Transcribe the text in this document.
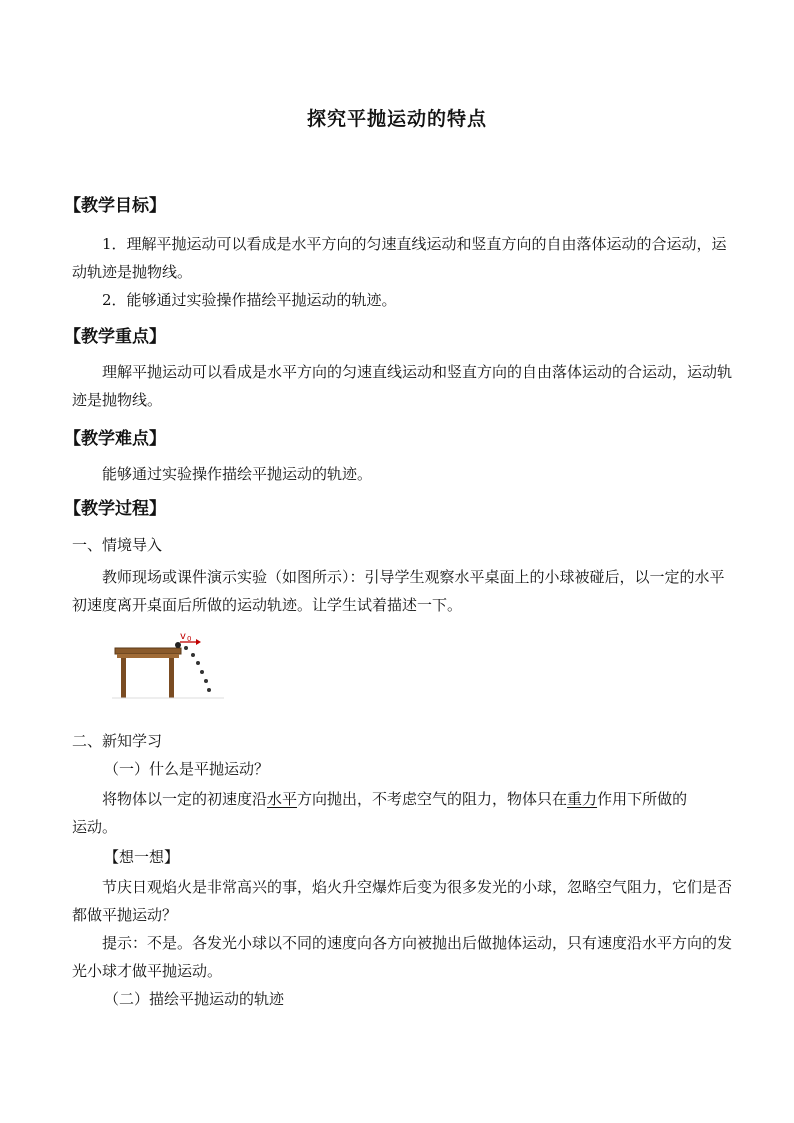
探究平抛运动的特点
【教学目标】

1．理解平抛运动可以看成是水平方向的匀速直线运动和竖直方向的自由落体运动的合运动，运动轨迹是抛物线。

2．能够通过实验操作描绘平抛运动的轨迹。

【教学重点】

理解平抛运动可以看成是水平方向的匀速直线运动和竖直方向的自由落体运动的合运动，运动轨迹是抛物线。

【教学难点】

能够通过实验操作描绘平抛运动的轨迹。

【教学过程】
一、情境导入

教师现场或课件演示实验（如图所示）：引导学生观察水平桌面上的小球被碰后，以一定的水平初速度离开桌面后所做的运动轨迹。让学生试着描述一下。

v 0
二、新知学习
（一）什么是平抛运动？
将物体以一定的初速度沿水平方向抛出，不考虑空气的阻力，物体只在重力作用下所做的
运动。
【想一想】

节庆日观焰火是非常高兴的事，焰火升空爆炸后变为很多发光的小球，忽略空气阻力，它们是否都做平抛运动？

提示：不是。各发光小球以不同的速度向各方向被抛出后做抛体运动，只有速度沿水平方向的发光小球才做平抛运动。

（二）描绘平抛运动的轨迹
